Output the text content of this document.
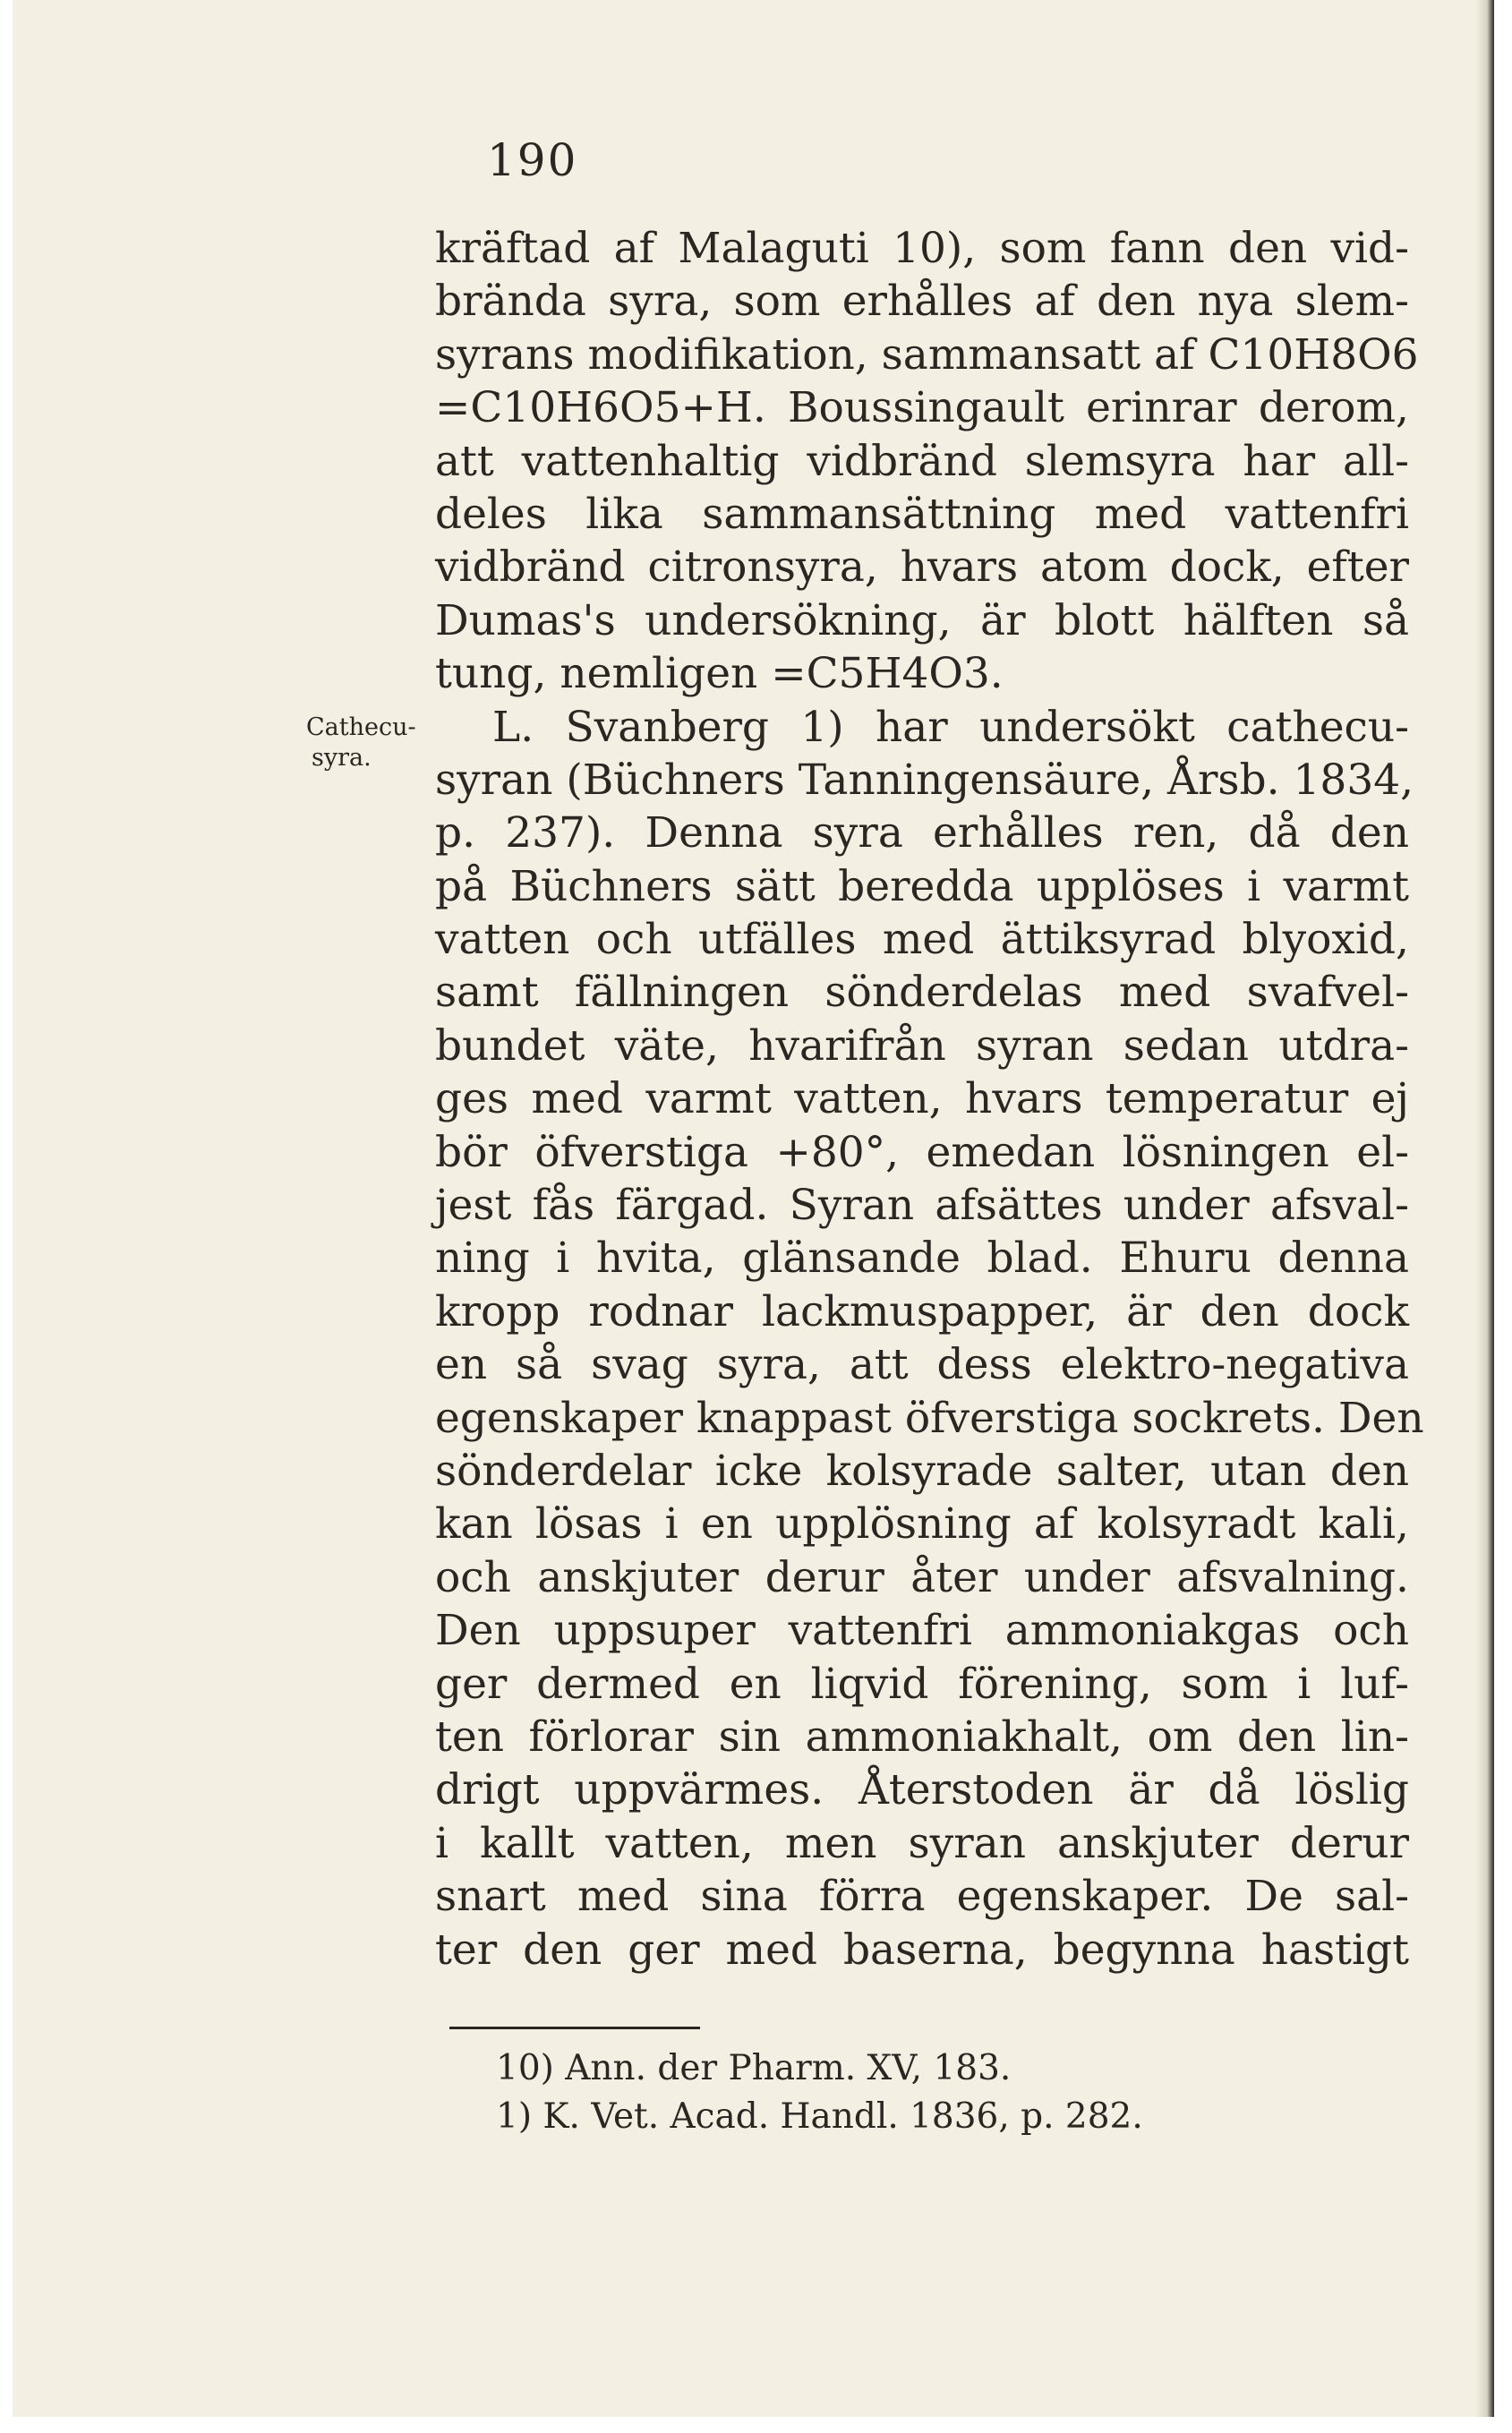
190
Cathecu-
syra.
kräftad af Malaguti 10), som fann den vid-
brända syra, som erhålles af den nya slem-
syrans modifikation, sammansatt af C10H8O6
=C10H6O5+H. Boussingault erinrar derom,
att vattenhaltig vidbränd slemsyra har all-
deles lika sammansättning med vattenfri
vidbränd citronsyra, hvars atom dock, efter
Dumas's undersökning, är blott hälften så
tung, nemligen =C5H4O3.
L. Svanberg 1) har undersökt cathecu-
syran (Büchners Tanningensäure, Årsb. 1834,
p. 237). Denna syra erhålles ren, då den
på Büchners sätt beredda upplöses i varmt
vatten och utfälles med ättiksyrad blyoxid,
samt fällningen sönderdelas med svafvel-
bundet väte, hvarifrån syran sedan utdra-
ges med varmt vatten, hvars temperatur ej
bör öfverstiga +80°, emedan lösningen el-
jest fås färgad. Syran afsättes under afsval-
ning i hvita, glänsande blad. Ehuru denna
kropp rodnar lackmuspapper, är den dock
en så svag syra, att dess elektro-negativa
egenskaper knappast öfverstiga sockrets. Den
sönderdelar icke kolsyrade salter, utan den
kan lösas i en upplösning af kolsyradt kali,
och anskjuter derur åter under afsvalning.
Den uppsuper vattenfri ammoniakgas och
ger dermed en liqvid förening, som i luf-
ten förlorar sin ammoniakhalt, om den lin-
drigt uppvärmes. Återstoden är då löslig
i kallt vatten, men syran anskjuter derur
snart med sina förra egenskaper. De sal-
ter den ger med baserna, begynna hastigt
10) Ann. der Pharm. XV, 183.
1) K. Vet. Acad. Handl. 1836, p. 282.
